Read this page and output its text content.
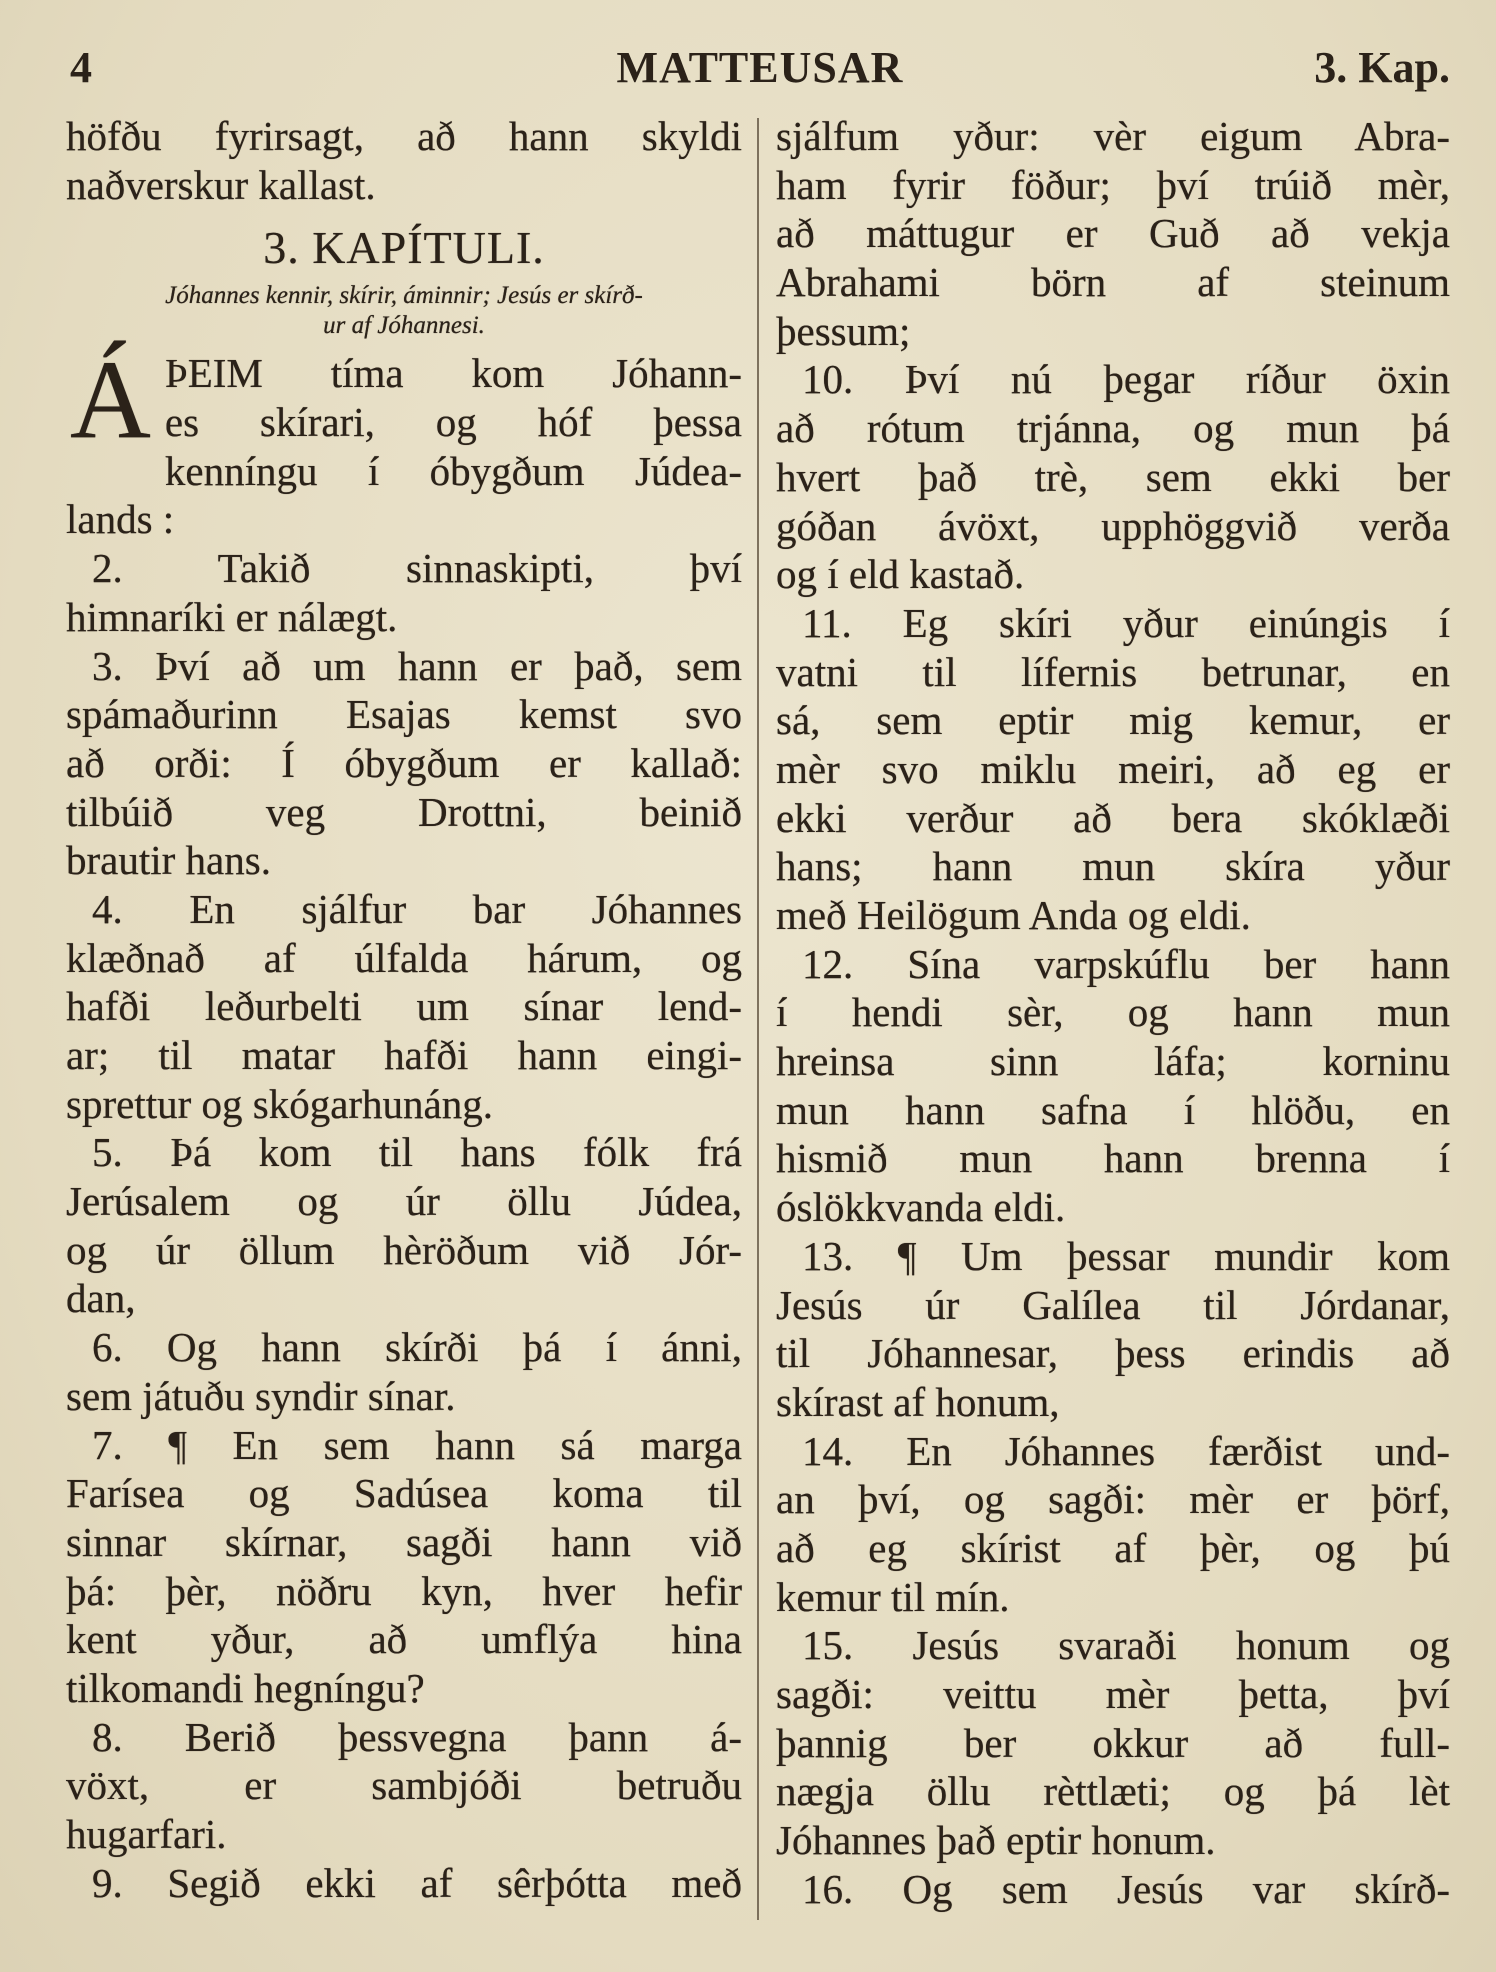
4	MATTEUSAR	3. Kap.
höfðu fyrirsagt, að hann skyldi
naðverskur kallast.
3. KAPÍTULI.
Jóhannes kennir, skírir, áminnir; Jesús er skírð-
ur af Jóhannesi.
Á ÞEIM tíma kom Jóhann-
es skírari, og hóf þessa
kenníngu í óbygðum Júdea-
lands :
2. Takið sinnaskipti, því
himnaríki er nálægt.
3. Því að um hann er það, sem
spámaðurinn Esajas kemst svo
að orði: Í óbygðum er kallað:
tilbúið veg Drottni, beinið
brautir hans.
4. En sjálfur bar Jóhannes
klæðnað af úlfalda hárum, og
hafði leðurbelti um sínar lend-
ar; til matar hafði hann eingi-
sprettur og skógarhunáng.
5. Þá kom til hans fólk frá
Jerúsalem og úr öllu Júdea,
og úr öllum hèröðum við Jór-
dan,
6. Og hann skírði þá í ánni,
sem játuðu syndir sínar.
7. ¶ En sem hann sá marga
Farísea og Sadúsea koma til
sinnar skírnar, sagði hann við
þá: þèr, nöðru kyn, hver hefir
kent yður, að umflýa hina
tilkomandi hegníngu?
8. Berið þessvegna þann á-
vöxt, er sambjóði betruðu
hugarfari.
9. Segið ekki af sêrþótta með
sjálfum yður: vèr eigum Abra-
ham fyrir föður; því trúið mèr,
að máttugur er Guð að vekja
Abrahami börn af steinum
þessum;
10. Því nú þegar ríður öxin
að rótum trjánna, og mun þá
hvert það trè, sem ekki ber
góðan ávöxt, upphöggvið verða
og í eld kastað.
11. Eg skíri yður einúngis í
vatni til lífernis betrunar, en
sá, sem eptir mig kemur, er
mèr svo miklu meiri, að eg er
ekki verður að bera skóklæði
hans; hann mun skíra yður
með Heilögum Anda og eldi.
12. Sína varpskúflu ber hann
í hendi sèr, og hann mun
hreinsa sinn láfa; korninu
mun hann safna í hlöðu, en
hismið mun hann brenna í
óslökkvanda eldi.
13. ¶ Um þessar mundir kom
Jesús úr Galílea til Jórdanar,
til Jóhannesar, þess erindis að
skírast af honum,
14. En Jóhannes færðist und-
an því, og sagði: mèr er þörf,
að eg skírist af þèr, og þú
kemur til mín.
15. Jesús svaraði honum og
sagði: veittu mèr þetta, því
þannig ber okkur að full-
nægja öllu rèttlæti; og þá lèt
Jóhannes það eptir honum.
16. Og sem Jesús var skírð-
